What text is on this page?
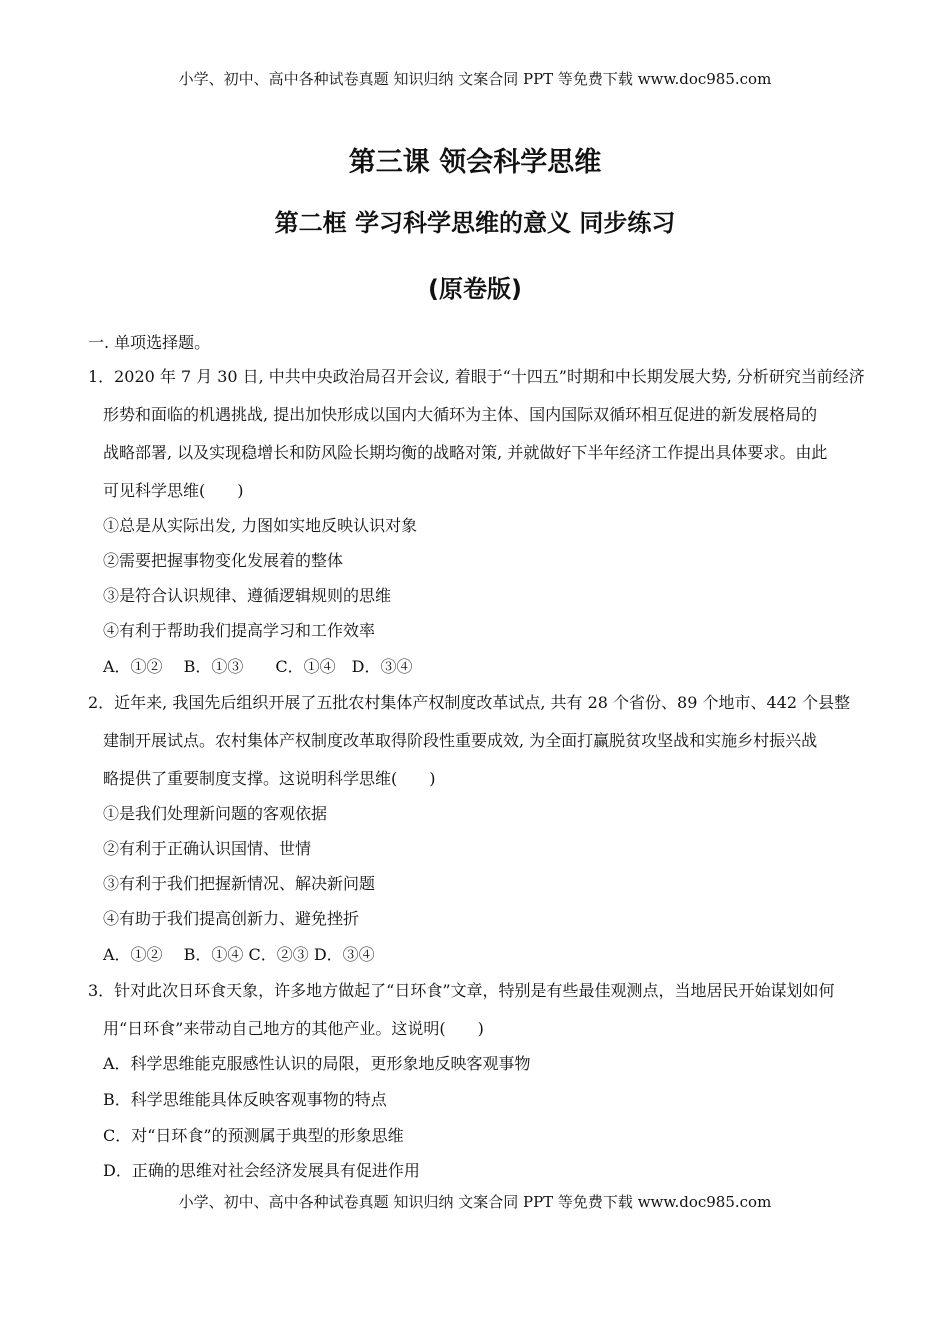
小学、初中、高中各种试卷真题 知识归纳 文案合同 PPT 等免费下载 www.doc985.com
第三课 领会科学思维
第二框 学习科学思维的意义 同步练习
(原卷版)
一. 单项选择题。
1．2020 年 7 月 30 日, 中共中央政治局召开会议, 着眼于“十四五”时期和中长期发展大势, 分析研究当前经济
形势和面临的机遇挑战, 提出加快形成以国内大循环为主体、国内国际双循环相互促进的新发展格局的
战略部署, 以及实现稳增长和防风险长期均衡的战略对策, 并就做好下半年经济工作提出具体要求。由此
可见科学思维(　　)
①总是从实际出发, 力图如实地反映认识对象
②需要把握事物变化发展着的整体
③是符合认识规律、遵循逻辑规则的思维
④有利于帮助我们提高学习和工作效率
A．①②　 B．①③　　C．①④　D．③④
2．近年来, 我国先后组织开展了五批农村集体产权制度改革试点, 共有 28 个省份、89 个地市、442 个县整
建制开展试点。农村集体产权制度改革取得阶段性重要成效, 为全面打赢脱贫攻坚战和实施乡村振兴战
略提供了重要制度支撑。这说明科学思维(　　)
①是我们处理新问题的客观依据
②有利于正确认识国情、世情
③有利于我们把握新情况、解决新问题
④有助于我们提高创新力、避免挫折
A．①②　 B．①④ C．②③ D．③④
3．针对此次日环食天象，许多地方做起了“日环食”文章，特别是有些最佳观测点，当地居民开始谋划如何
用“日环食”来带动自己地方的其他产业。这说明(　　)
A．科学思维能克服感性认识的局限，更形象地反映客观事物
B．科学思维能具体反映客观事物的特点
C．对“日环食”的预测属于典型的形象思维
D．正确的思维对社会经济发展具有促进作用
小学、初中、高中各种试卷真题 知识归纳 文案合同 PPT 等免费下载 www.doc985.com
